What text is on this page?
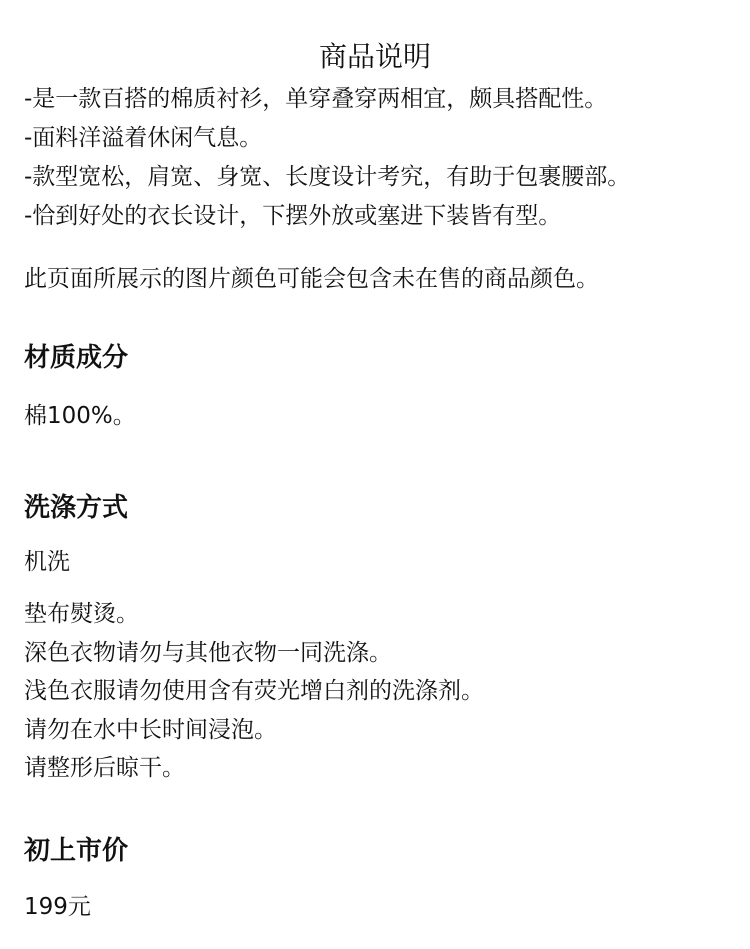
商品说明
-是一款百搭的棉质衬衫，单穿叠穿两相宜，颇具搭配性。
-面料洋溢着休闲气息。
-款型宽松，肩宽、身宽、长度设计考究，有助于包裹腰部。
-恰到好处的衣长设计，下摆外放或塞进下装皆有型。
此页面所展示的图片颜色可能会包含未在售的商品颜色。
材质成分
棉100%。
洗涤方式
机洗
垫布熨烫。
深色衣物请勿与其他衣物一同洗涤。
浅色衣服请勿使用含有荧光增白剂的洗涤剂。
请勿在水中长时间浸泡。
请整形后晾干。
初上市价
199元
